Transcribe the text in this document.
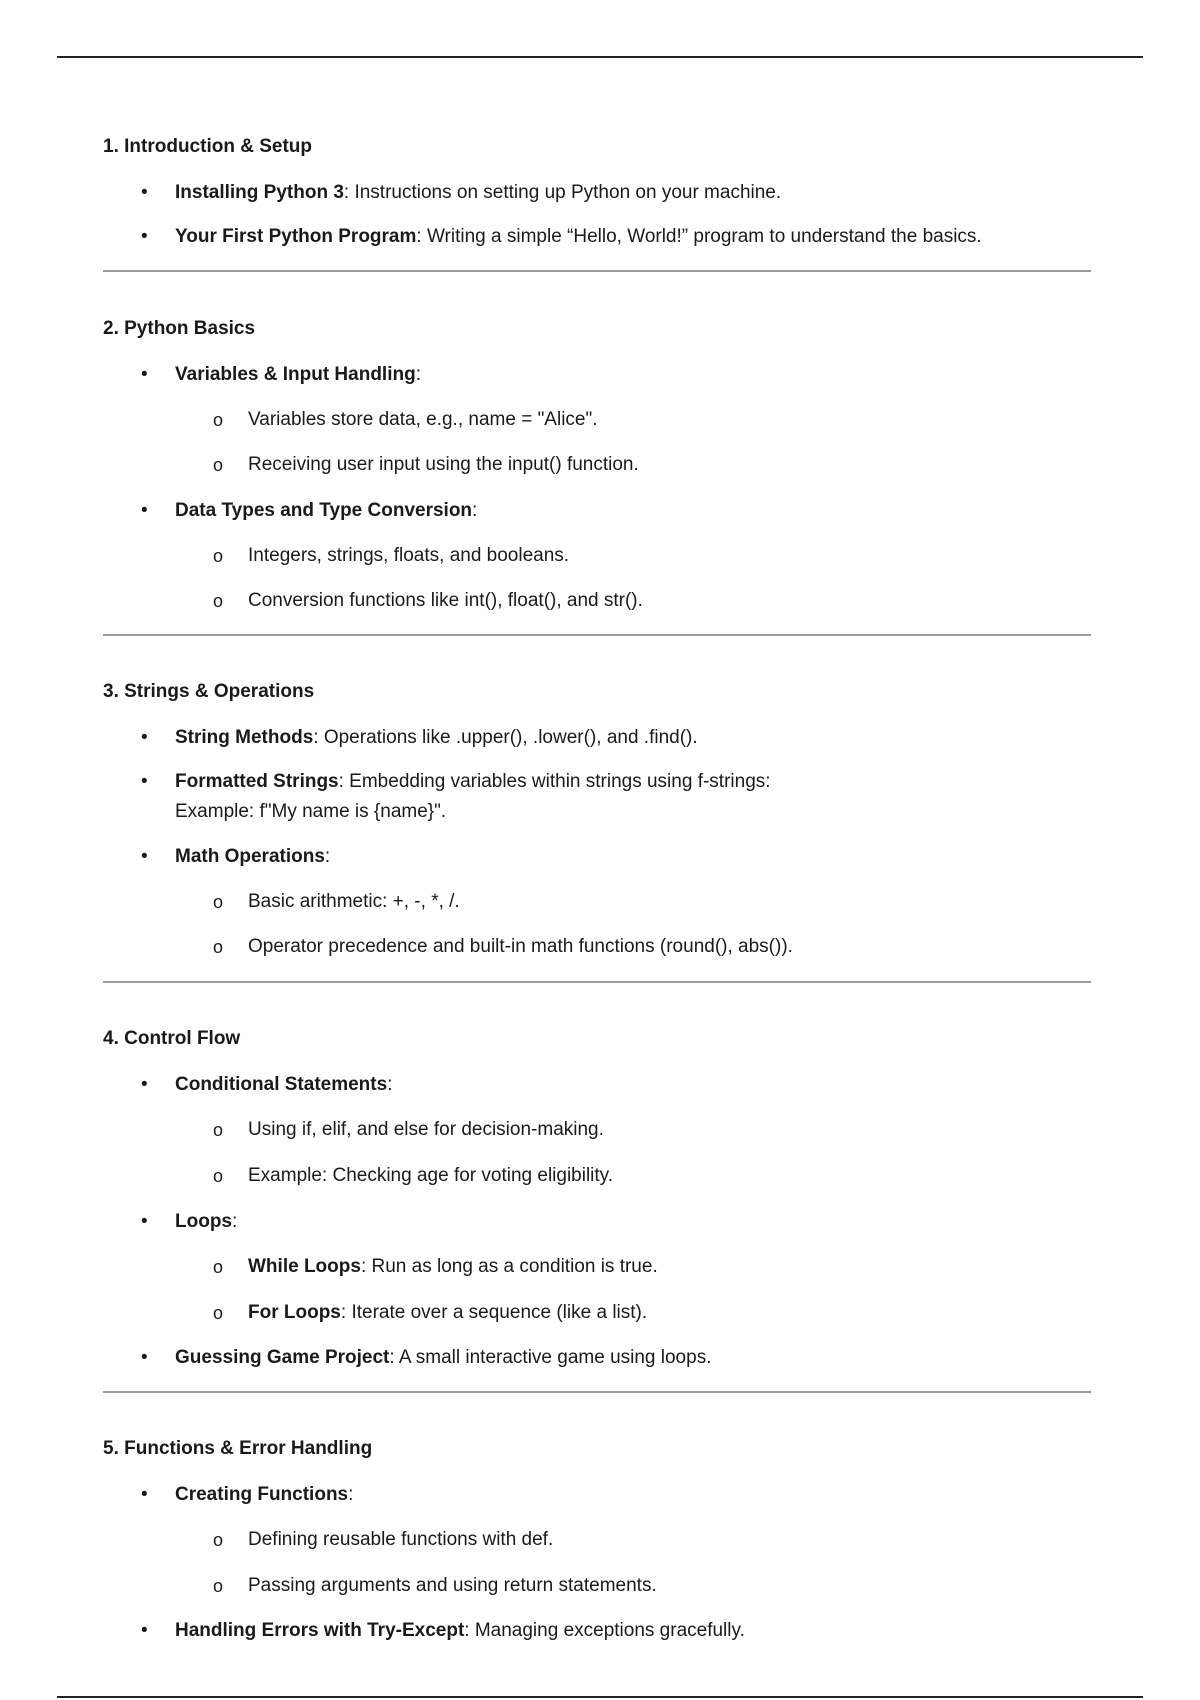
1. Introduction & Setup
• Installing Python 3: Instructions on setting up Python on your machine.
• Your First Python Program: Writing a simple “Hello, World!” program to understand the basics.
2. Python Basics
• Variables & Input Handling:
o Variables store data, e.g., name = "Alice".
o Receiving user input using the input() function.
• Data Types and Type Conversion:
o Integers, strings, floats, and booleans.
o Conversion functions like int(), float(), and str().
3. Strings & Operations
• String Methods: Operations like .upper(), .lower(), and .find().
• Formatted Strings: Embedding variables within strings using f-strings:
Example: f"My name is {name}".
• Math Operations:
o Basic arithmetic: +, -, *, /.
o Operator precedence and built-in math functions (round(), abs()).
4. Control Flow
• Conditional Statements:
o Using if, elif, and else for decision-making.
o Example: Checking age for voting eligibility.
• Loops:
o While Loops: Run as long as a condition is true.
o For Loops: Iterate over a sequence (like a list).
• Guessing Game Project: A small interactive game using loops.
5. Functions & Error Handling
• Creating Functions:
o Defining reusable functions with def.
o Passing arguments and using return statements.
• Handling Errors with Try-Except: Managing exceptions gracefully.
